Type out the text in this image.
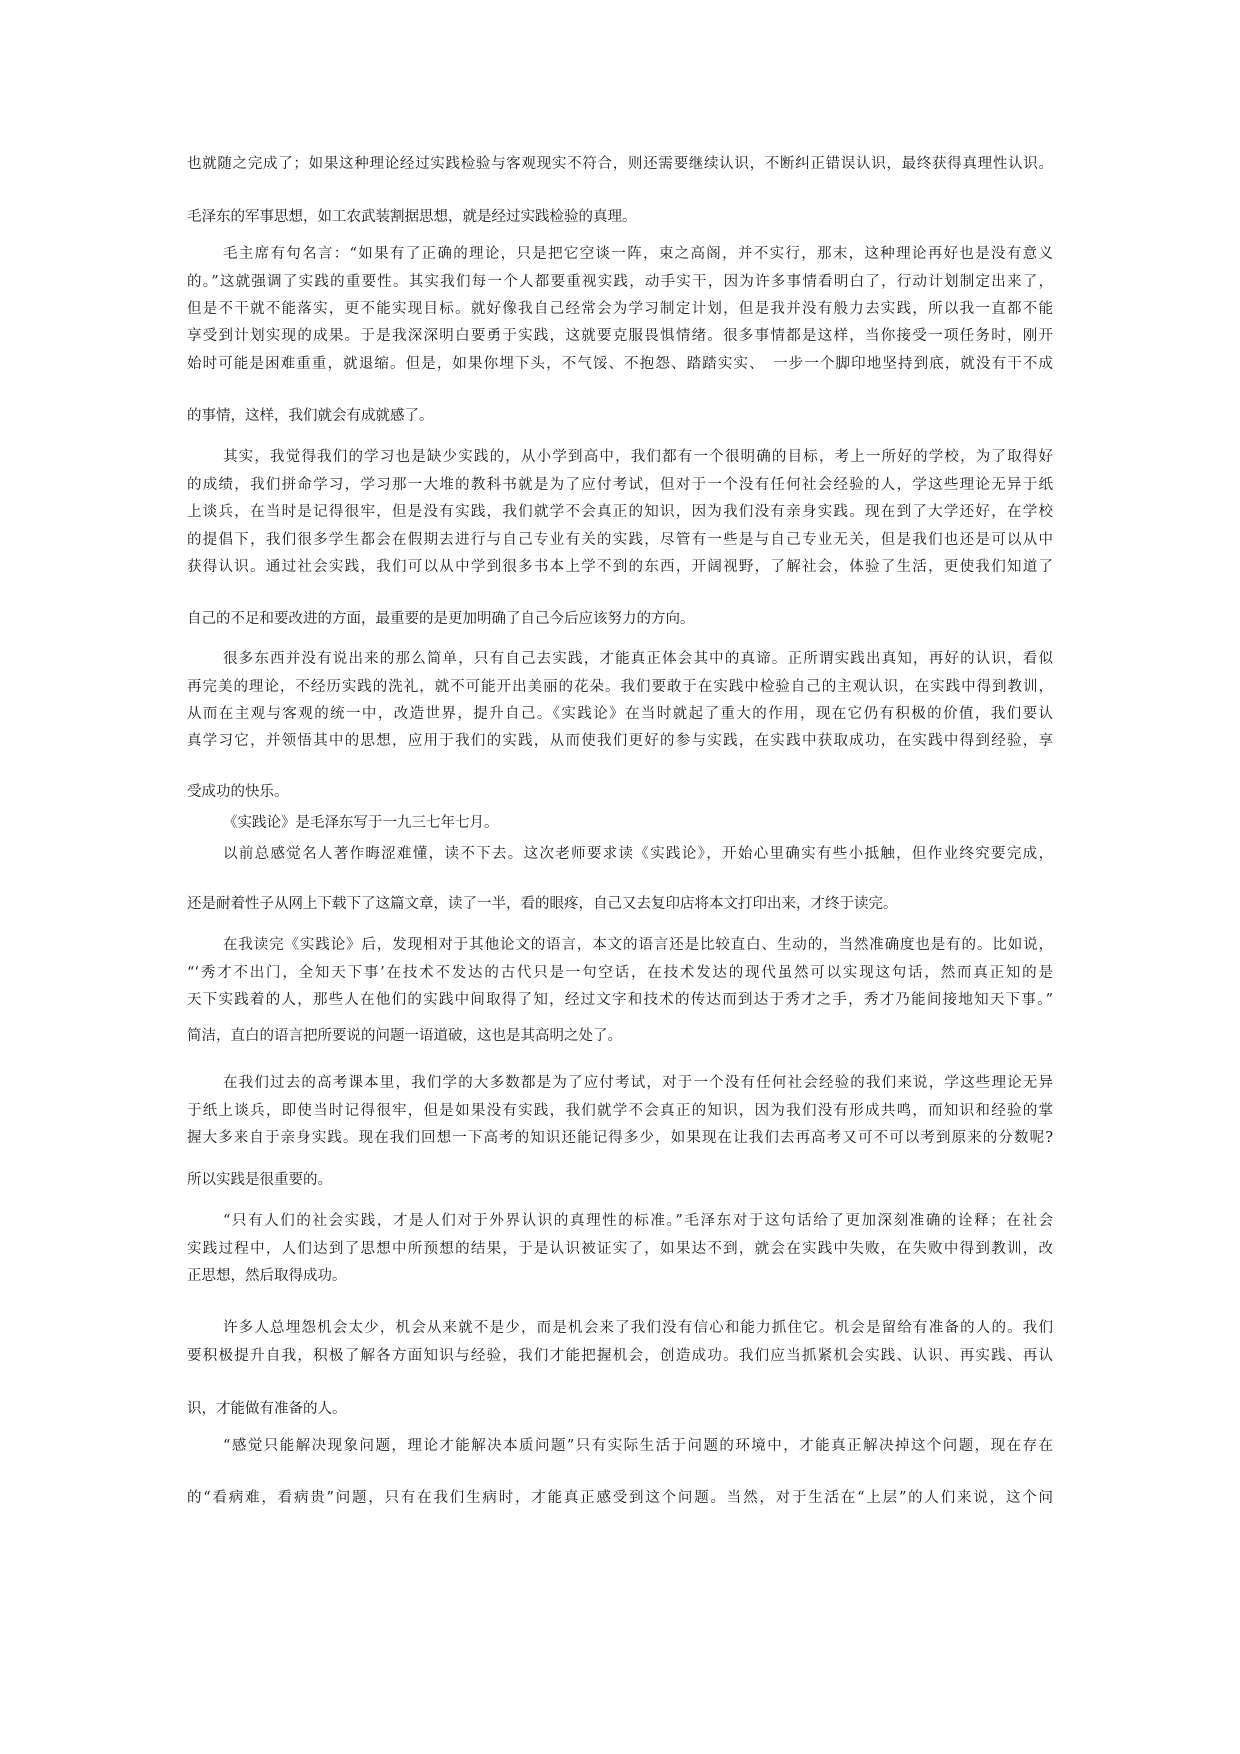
也就随之完成了；如果这种理论经过实践检验与客观现实不符合，则还需要继续认识，不断纠正错误认识，最终获得真理性认识。
毛泽东的军事思想，如工农武装割据思想，就是经过实践检验的真理。
毛主席有句名言：“如果有了正确的理论，只是把它空谈一阵，束之高阁，并不实行，那末，这种理论再好也是没有意义
的。”这就强调了实践的重要性。其实我们每一个人都要重视实践，动手实干，因为许多事情看明白了，行动计划制定出来了，
但是不干就不能落实，更不能实现目标。就好像我自己经常会为学习制定计划，但是我并没有般力去实践，所以我一直都不能
享受到计划实现的成果。于是我深深明白要勇于实践，这就要克服畏惧情绪。很多事情都是这样，当你接受一项任务时，刚开
始时可能是困难重重，就退缩。但是，如果你埋下头，不气馁、不抱怨、踏踏实实、　一步一个脚印地坚持到底，就没有干不成
的事情，这样，我们就会有成就感了。
其实，我觉得我们的学习也是缺少实践的，从小学到高中，我们都有一个很明确的目标，考上一所好的学校，为了取得好
的成绩，我们拼命学习，学习那一大堆的教科书就是为了应付考试，但对于一个没有任何社会经验的人，学这些理论无异于纸
上谈兵，在当时是记得很牢，但是没有实践，我们就学不会真正的知识，因为我们没有亲身实践。现在到了大学还好，在学校
的提倡下，我们很多学生都会在假期去进行与自己专业有关的实践，尽管有一些是与自己专业无关，但是我们也还是可以从中
获得认识。通过社会实践，我们可以从中学到很多书本上学不到的东西，开阔视野，了解社会，体验了生活，更使我们知道了
自己的不足和要改进的方面，最重要的是更加明确了自己今后应该努力的方向。
很多东西并没有说出来的那么简单，只有自己去实践，才能真正体会其中的真谛。正所谓实践出真知，再好的认识，看似
再完美的理论，不经历实践的洗礼，就不可能开出美丽的花朵。我们要敢于在实践中检验自己的主观认识，在实践中得到教训，
从而在主观与客观的统一中，改造世界，提升自己。《实践论》在当时就起了重大的作用，现在它仍有积极的价值，我们要认
真学习它，并领悟其中的思想，应用于我们的实践，从而使我们更好的参与实践，在实践中获取成功，在实践中得到经验，享
受成功的快乐。
《实践论》是毛泽东写于一九三七年七月。
以前总感觉名人著作晦涩难懂，读不下去。这次老师要求读《实践论》，开始心里确实有些小抵触，但作业终究要完成，
还是耐着性子从网上下载下了这篇文章，读了一半，看的眼疼，自己又去复印店将本文打印出来，才终于读完。
在我读完《实践论》后，发现相对于其他论文的语言，本文的语言还是比较直白、生动的，当然准确度也是有的。比如说，
“‘秀才不出门，全知天下事’在技术不发达的古代只是一句空话，在技术发达的现代虽然可以实现这句话，然而真正知的是
天下实践着的人，那些人在他们的实践中间取得了知，经过文字和技术的传达而到达于秀才之手，秀才乃能间接地知天下事。”
简洁，直白的语言把所要说的问题一语道破，这也是其高明之处了。
在我们过去的高考课本里，我们学的大多数都是为了应付考试，对于一个没有任何社会经验的我们来说，学这些理论无异
于纸上谈兵，即使当时记得很牢，但是如果没有实践，我们就学不会真正的知识，因为我们没有形成共鸣，而知识和经验的掌
握大多来自于亲身实践。现在我们回想一下高考的知识还能记得多少，如果现在让我们去再高考又可不可以考到原来的分数呢?
所以实践是很重要的。
“只有人们的社会实践，才是人们对于外界认识的真理性的标准。”毛泽东对于这句话给了更加深刻准确的诠释；在社会
实践过程中，人们达到了思想中所预想的结果，于是认识被证实了，如果达不到，就会在实践中失败，在失败中得到教训，改
正思想，然后取得成功。
许多人总埋怨机会太少，机会从来就不是少，而是机会来了我们没有信心和能力抓住它。机会是留给有准备的人的。我们
要积极提升自我，积极了解各方面知识与经验，我们才能把握机会，创造成功。我们应当抓紧机会实践、认识、再实践、再认
识，才能做有准备的人。
“感觉只能解决现象问题，理论才能解决本质问题”只有实际生活于问题的环境中，才能真正解决掉这个问题，现在存在
的“看病难，看病贵”问题，只有在我们生病时，才能真正感受到这个问题。当然，对于生活在“上层”的人们来说，这个问
